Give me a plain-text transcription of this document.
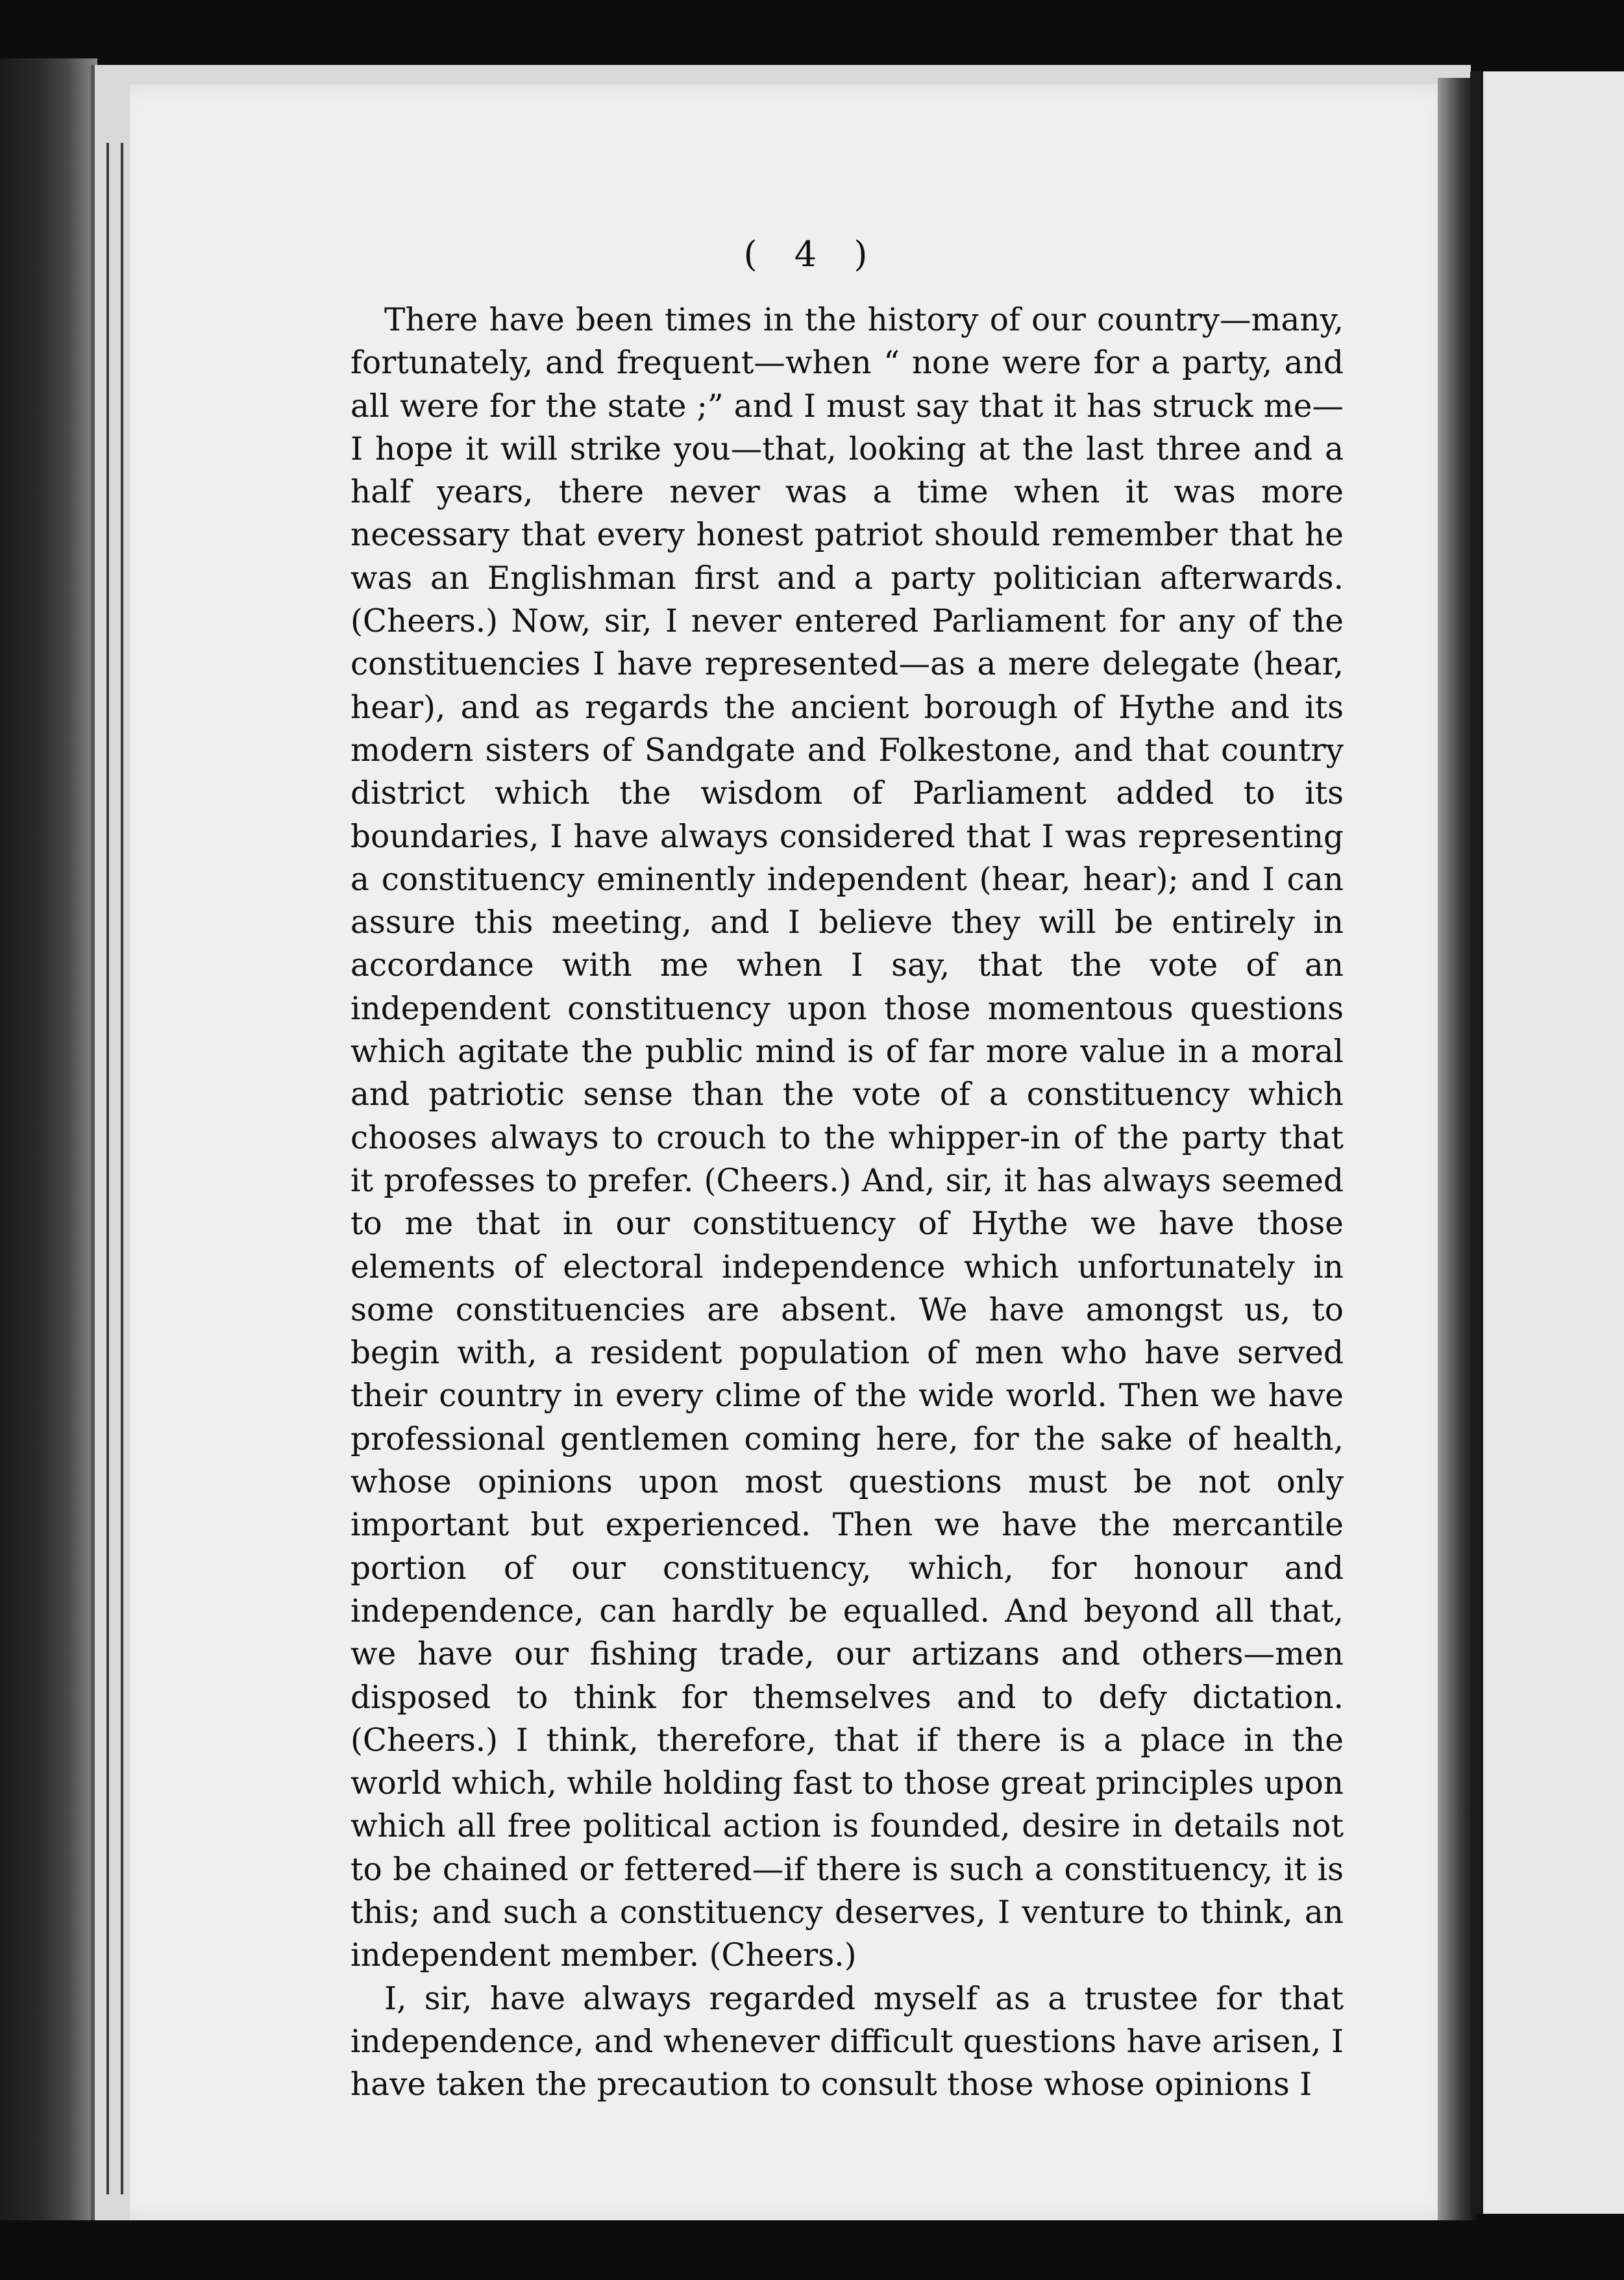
( 4 )

There have been times in the history of our country—many, fortunately, and frequent—when “ none were for a party, and all were for the state ;” and I must say that it has struck me—I hope it will strike you—that, looking at the last three and a half years, there never was a time when it was more necessary that every honest patriot should remember that he was an Englishman first and a party politician afterwards. (Cheers.) Now, sir, I never entered Parliament for any of the constituencies I have represented—as a mere delegate (hear, hear), and as regards the ancient borough of Hythe and its modern sisters of Sandgate and Folkestone, and that country district which the wisdom of Parliament added to its boundaries, I have always considered that I was representing a constituency eminently independent (hear, hear); and I can assure this meeting, and I believe they will be entirely in accordance with me when I say, that the vote of an independent constituency upon those momentous questions which agitate the public mind is of far more value in a moral and patriotic sense than the vote of a constituency which chooses always to crouch to the whipper-in of the party that it professes to prefer. (Cheers.) And, sir, it has always seemed to me that in our constituency of Hythe we have those elements of electoral independence which unfortunately in some constituencies are absent. We have amongst us, to begin with, a resident population of men who have served their country in every clime of the wide world. Then we have professional gentlemen coming here, for the sake of health, whose opinions upon most questions must be not only important but experienced. Then we have the mercantile portion of our constituency, which, for honour and independence, can hardly be equalled. And beyond all that, we have our fishing trade, our artizans and others—men disposed to think for themselves and to defy dictation. (Cheers.) I think, therefore, that if there is a place in the world which, while holding fast to those great principles upon which all free political action is founded, desire in details not to be chained or fettered—if there is such a constituency, it is this; and such a constituency deserves, I venture to think, an independent member. (Cheers.)

I, sir, have always regarded myself as a trustee for that independence, and whenever difficult questions have arisen, I have taken the precaution to consult those whose opinions I
